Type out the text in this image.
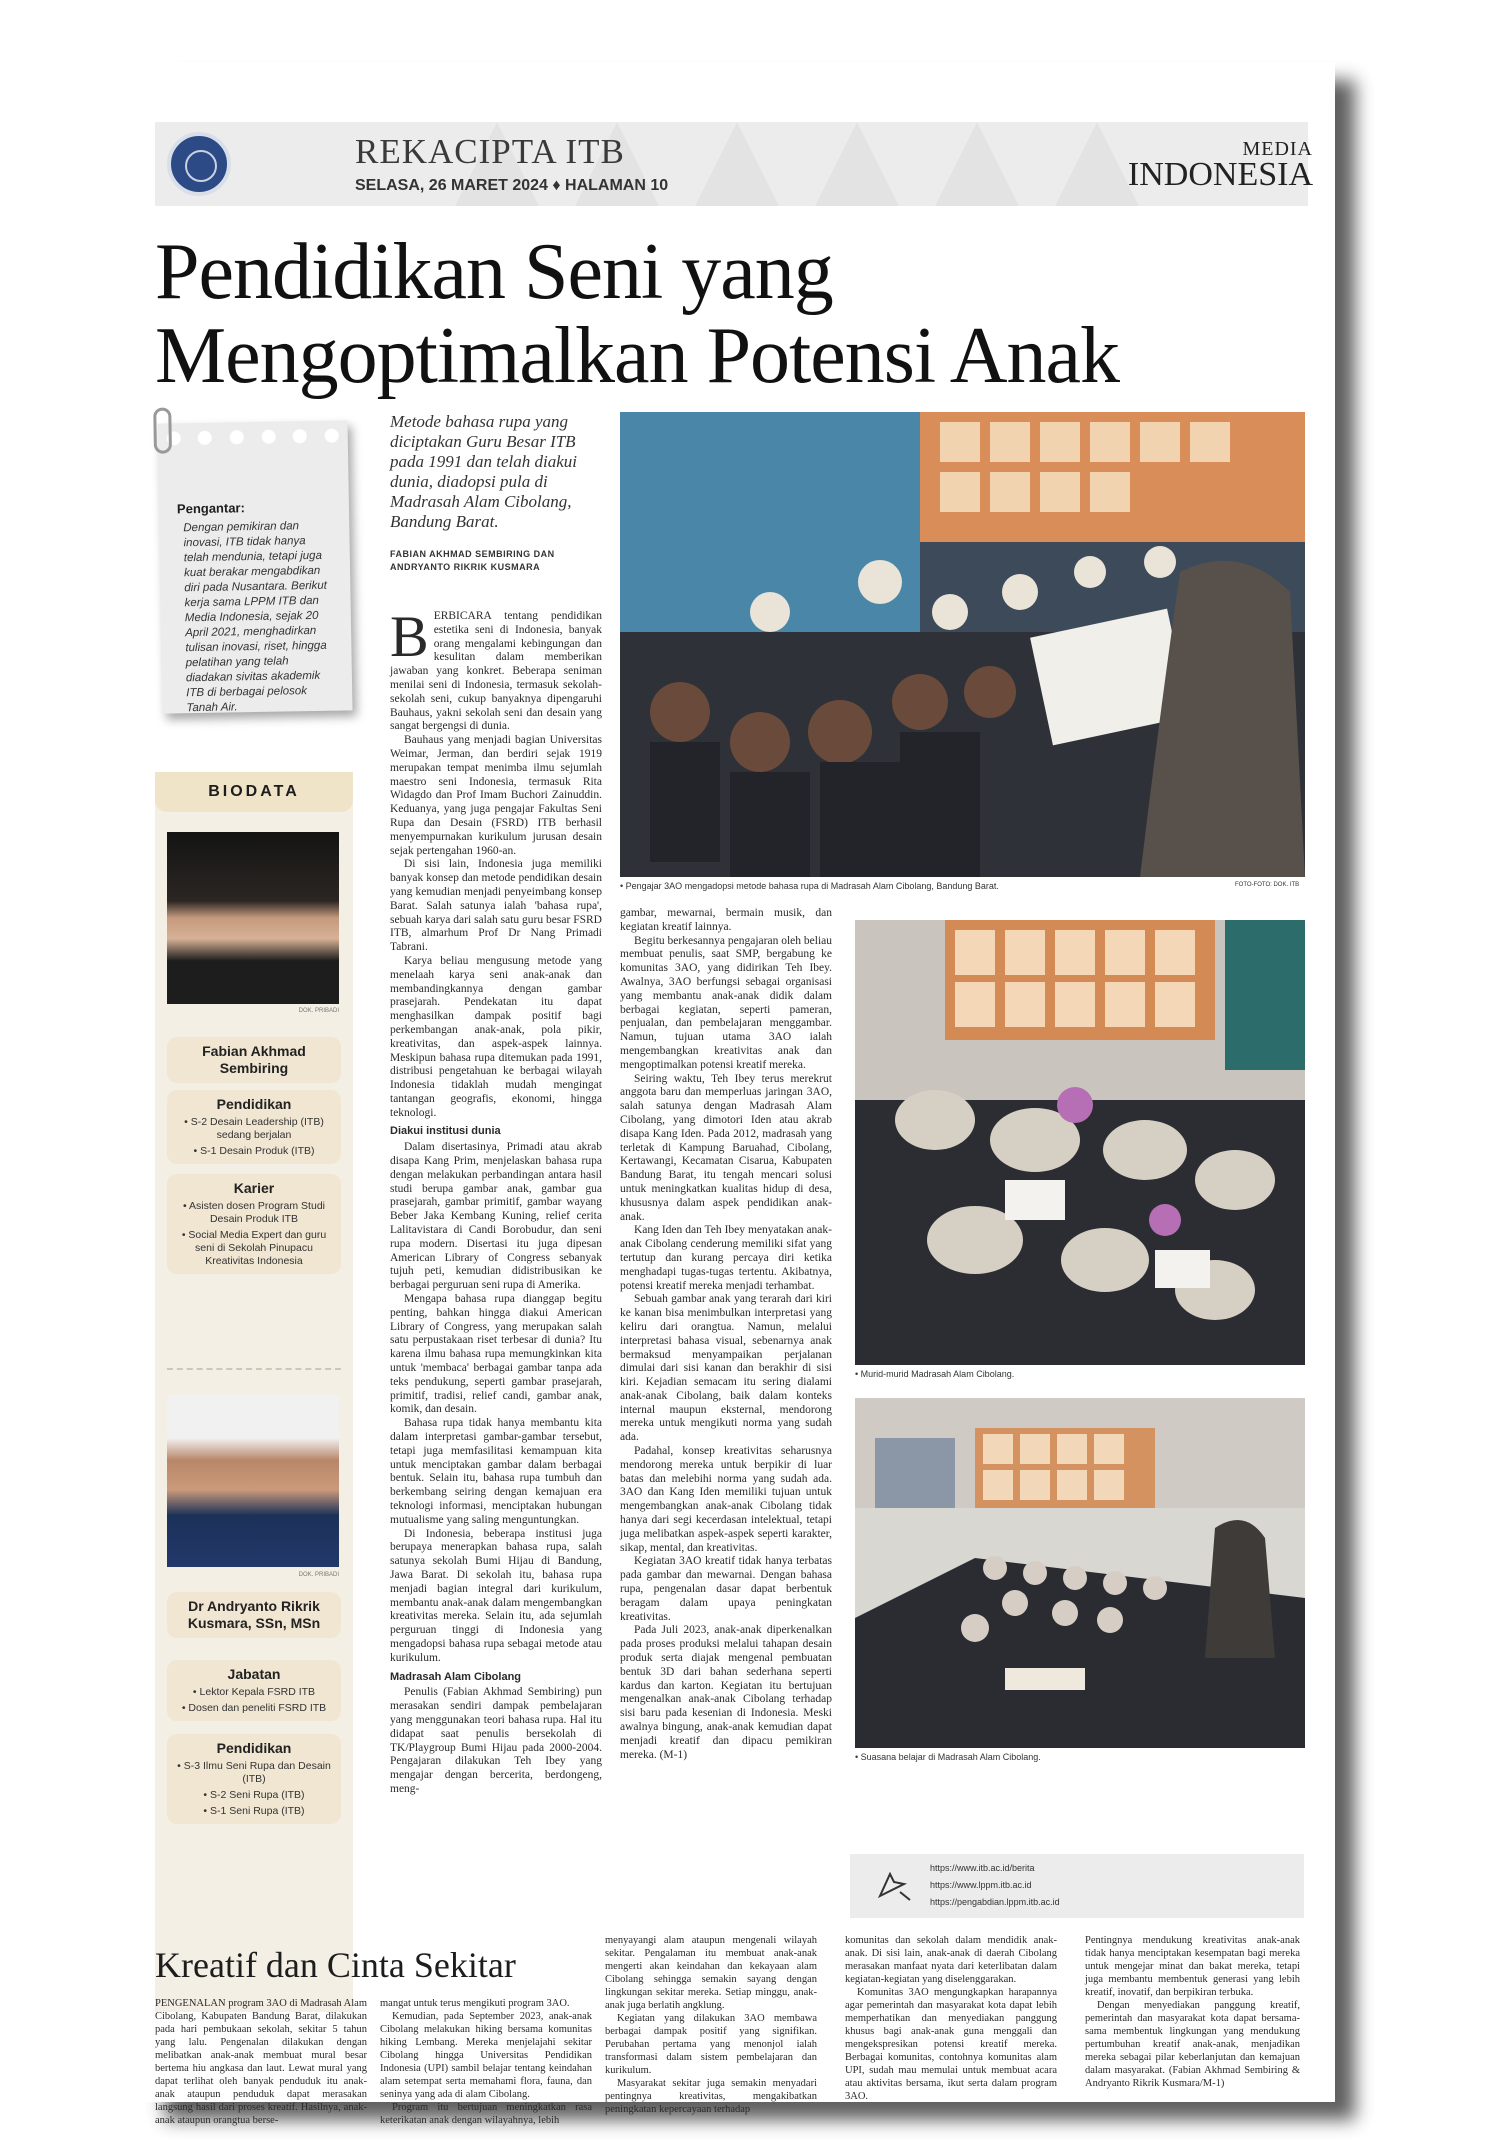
REKACIPTA ITB
SELASA, 26 MARET 2024 ♦ HALAMAN 10
MEDIA
INDONESIA
Pendidikan Seni yang
Mengoptimalkan Potensi Anak
Pengantar:
Dengan pemikiran dan inovasi, ITB tidak hanya telah mendunia, tetapi juga kuat berakar mengabdikan diri pada Nusantara. Berikut kerja sama LPPM ITB dan Media Indonesia, sejak 20 April 2021, menghadirkan tulisan inovasi, riset, hingga pelatihan yang telah diadakan sivitas akademik ITB di berbagai pelosok Tanah Air.
BIODATA
DOK. PRIBADI
Fabian Akhmad Sembiring
Pendidikan

• S-2 Desain Leadership (ITB) sedang berjalan

• S-1 Desain Produk (ITB)

Karier

• Asisten dosen Program Studi Desain Produk ITB

• Social Media Expert dan guru seni di Sekolah Pinupacu Kreativitas Indonesia

DOK. PRIBADI
Dr Andryanto Rikrik Kusmara, SSn, MSn
Jabatan

• Lektor Kepala FSRD ITB

• Dosen dan peneliti FSRD ITB

Pendidikan

• S-3 Ilmu Seni Rupa dan Desain (ITB)

• S-2 Seni Rupa (ITB)

• S-1 Seni Rupa (ITB)

Metode bahasa rupa yang diciptakan Guru Besar ITB pada 1991 dan telah diakui dunia, diadopsi pula di Madrasah Alam Cibolang, Bandung Barat.
FABIAN AKHMAD SEMBIRING DAN
ANDRYANTO RIKRIK KUSMARA

BERBICARA tentang pendidikan estetika seni di Indonesia, banyak orang mengalami kebingungan dan kesulitan dalam memberikan jawaban yang konkret. Beberapa seniman menilai seni di Indonesia, termasuk sekolah-sekolah seni, cukup banyaknya dipengaruhi Bauhaus, yakni sekolah seni dan desain yang sangat bergengsi di dunia.

Bauhaus yang menjadi bagian Universitas Weimar, Jerman, dan berdiri sejak 1919 merupakan tempat menimba ilmu sejumlah maestro seni Indonesia, termasuk Rita Widagdo dan Prof Imam Buchori Zainuddin. Keduanya, yang juga pengajar Fakultas Seni Rupa dan Desain (FSRD) ITB berhasil menyempurnakan kurikulum jurusan desain sejak pertengahan 1960-an.

Di sisi lain, Indonesia juga memiliki banyak konsep dan metode pendidikan desain yang kemudian menjadi penyeimbang konsep Barat. Salah satunya ialah 'bahasa rupa', sebuah karya dari salah satu guru besar FSRD ITB, almarhum Prof Dr Nang Primadi Tabrani.

Karya beliau mengusung metode yang menelaah karya seni anak-anak dan membandingkannya dengan gambar prasejarah. Pendekatan itu dapat menghasilkan dampak positif bagi perkembangan anak-anak, pola pikir, kreativitas, dan aspek-aspek lainnya. Meskipun bahasa rupa ditemukan pada 1991, distribusi pengetahuan ke berbagai wilayah Indonesia tidaklah mudah mengingat tantangan geografis, ekonomi, hingga teknologi.

Diakui institusi dunia

Dalam disertasinya, Primadi atau akrab disapa Kang Prim, menjelaskan bahasa rupa dengan melakukan perbandingan antara hasil studi berupa gambar anak, gambar gua prasejarah, gambar primitif, gambar wayang Beber Jaka Kembang Kuning, relief cerita Lalitavistara di Candi Borobudur, dan seni rupa modern. Disertasi itu juga dipesan American Library of Congress sebanyak tujuh peti, kemudian didistribusikan ke berbagai perguruan seni rupa di Amerika.

Mengapa bahasa rupa dianggap begitu penting, bahkan hingga diakui American Library of Congress, yang merupakan salah satu perpustakaan riset terbesar di dunia? Itu karena ilmu bahasa rupa memungkinkan kita untuk 'membaca' berbagai gambar tanpa ada teks pendukung, seperti gambar prasejarah, primitif, tradisi, relief candi, gambar anak, komik, dan desain.

Bahasa rupa tidak hanya membantu kita dalam interpretasi gambar-gambar tersebut, tetapi juga memfasilitasi kemampuan kita untuk menciptakan gambar dalam berbagai bentuk. Selain itu, bahasa rupa tumbuh dan berkembang seiring dengan kemajuan era teknologi informasi, menciptakan hubungan mutualisme yang saling menguntungkan.

Di Indonesia, beberapa institusi juga berupaya menerapkan bahasa rupa, salah satunya sekolah Bumi Hijau di Bandung, Jawa Barat. Di sekolah itu, bahasa rupa menjadi bagian integral dari kurikulum, membantu anak-anak dalam mengembangkan kreativitas mereka. Selain itu, ada sejumlah perguruan tinggi di Indonesia yang mengadopsi bahasa rupa sebagai metode atau kurikulum.

Madrasah Alam Cibolang

Penulis (Fabian Akhmad Sembiring) pun merasakan sendiri dampak pembelajaran yang menggunakan teori bahasa rupa. Hal itu didapat saat penulis bersekolah di TK/Playgroup Bumi Hijau pada 2000-2004. Pengajaran dilakukan Teh Ibey yang mengajar dengan bercerita, berdongeng, meng-

• Pengajar 3AO mengadopsi metode bahasa rupa di Madrasah Alam Cibolang, Bandung Barat.	FOTO-FOTO: DOK. ITB

gambar, mewarnai, bermain musik, dan kegiatan kreatif lainnya.

Begitu berkesannya pengajaran oleh beliau membuat penulis, saat SMP, bergabung ke komunitas 3AO, yang didirikan Teh Ibey. Awalnya, 3AO berfungsi sebagai organisasi yang membantu anak-anak didik dalam berbagai kegiatan, seperti pameran, penjualan, dan pembelajaran menggambar. Namun, tujuan utama 3AO ialah mengembangkan kreativitas anak dan mengoptimalkan potensi kreatif mereka.

Seiring waktu, Teh Ibey terus merekrut anggota baru dan memperluas jaringan 3AO, salah satunya dengan Madrasah Alam Cibolang, yang dimotori Iden atau akrab disapa Kang Iden. Pada 2012, madrasah yang terletak di Kampung Baruahad, Cibolang, Kertawangi, Kecamatan Cisarua, Kabupaten Bandung Barat, itu tengah mencari solusi untuk meningkatkan kualitas hidup di desa, khususnya dalam aspek pendidikan anak-anak.

Kang Iden dan Teh Ibey menyatakan anak-anak Cibolang cenderung memiliki sifat yang tertutup dan kurang percaya diri ketika menghadapi tugas-tugas tertentu. Akibatnya, potensi kreatif mereka menjadi terhambat.

Sebuah gambar anak yang terarah dari kiri ke kanan bisa menimbulkan interpretasi yang keliru dari orangtua. Namun, melalui interpretasi bahasa visual, sebenarnya anak bermaksud menyampaikan perjalanan dimulai dari sisi kanan dan berakhir di sisi kiri. Kejadian semacam itu sering dialami anak-anak Cibolang, baik dalam konteks internal maupun eksternal, mendorong mereka untuk mengikuti norma yang sudah ada.

Padahal, konsep kreativitas seharusnya mendorong mereka untuk berpikir di luar batas dan melebihi norma yang sudah ada. 3AO dan Kang Iden memiliki tujuan untuk mengembangkan anak-anak Cibolang tidak hanya dari segi kecerdasan intelektual, tetapi juga melibatkan aspek-aspek seperti karakter, sikap, mental, dan kreativitas.

Kegiatan 3AO kreatif tidak hanya terbatas pada gambar dan mewarnai. Dengan bahasa rupa, pengenalan dasar dapat berbentuk beragam dalam upaya peningkatan kreativitas.

Pada Juli 2023, anak-anak diperkenalkan pada proses produksi melalui tahapan desain produk serta diajak mengenal pembuatan bentuk 3D dari bahan sederhana seperti kardus dan karton. Kegiatan itu bertujuan mengenalkan anak-anak Cibolang terhadap sisi baru pada kesenian di Indonesia. Meski awalnya bingung, anak-anak kemudian dapat menjadi kreatif dan dipacu pemikiran mereka. (M-1)

• Murid-murid Madrasah Alam Cibolang.
• Suasana belajar di Madrasah Alam Cibolang.
https://www.itb.ac.id/berita
https://www.lppm.itb.ac.id
https://pengabdian.lppm.itb.ac.id
Kreatif dan Cinta Sekitar

PENGENALAN program 3AO di Madrasah Alam Cibolang, Kabupaten Bandung Barat, dilakukan pada hari pembukaan sekolah, sekitar 5 tahun yang lalu. Pengenalan dilakukan dengan melibatkan anak-anak membuat mural besar bertema hiu angkasa dan laut. Lewat mural yang dapat terlihat oleh banyak penduduk itu anak-anak ataupun penduduk dapat merasakan langsung hasil dari proses kreatif. Hasilnya, anak-anak ataupun orangtua berse-

mangat untuk terus mengikuti program 3AO.

Kemudian, pada September 2023, anak-anak Cibolang melakukan hiking bersama komunitas hiking Lembang. Mereka menjelajahi sekitar Cibolang hingga Universitas Pendidikan Indonesia (UPI) sambil belajar tentang keindahan alam setempat serta memahami flora, fauna, dan seninya yang ada di alam Cibolang.

Program itu bertujuan meningkatkan rasa keterikatan anak dengan wilayahnya, lebih

menyayangi alam ataupun mengenali wilayah sekitar. Pengalaman itu membuat anak-anak mengerti akan keindahan dan kekayaan alam Cibolang sehingga semakin sayang dengan lingkungan sekitar mereka. Setiap minggu, anak-anak juga berlatih angklung.

Kegiatan yang dilakukan 3AO membawa berbagai dampak positif yang signifikan. Perubahan pertama yang menonjol ialah transformasi dalam sistem pembelajaran dan kurikulum.

Masyarakat sekitar juga semakin menyadari pentingnya kreativitas, mengakibatkan peningkatan kepercayaan terhadap

komunitas dan sekolah dalam mendidik anak-anak. Di sisi lain, anak-anak di daerah Cibolang merasakan manfaat nyata dari keterlibatan dalam kegiatan-kegiatan yang diselenggarakan.

Komunitas 3AO mengungkapkan harapannya agar pemerintah dan masyarakat kota dapat lebih memperhatikan dan menyediakan panggung khusus bagi anak-anak guna menggali dan mengekspresikan potensi kreatif mereka. Berbagai komunitas, contohnya komunitas alam UPI, sudah mau memulai untuk membuat acara atau aktivitas bersama, ikut serta dalam program 3AO.

Pentingnya mendukung kreativitas anak-anak tidak hanya menciptakan kesempatan bagi mereka untuk mengejar minat dan bakat mereka, tetapi juga membantu membentuk generasi yang lebih kreatif, inovatif, dan berpikiran terbuka.

Dengan menyediakan panggung kreatif, pemerintah dan masyarakat kota dapat bersama-sama membentuk lingkungan yang mendukung pertumbuhan kreatif anak-anak, menjadikan mereka sebagai pilar keberlanjutan dan kemajuan dalam masyarakat. (Fabian Akhmad Sembiring & Andryanto Rikrik Kusmara/M-1)
